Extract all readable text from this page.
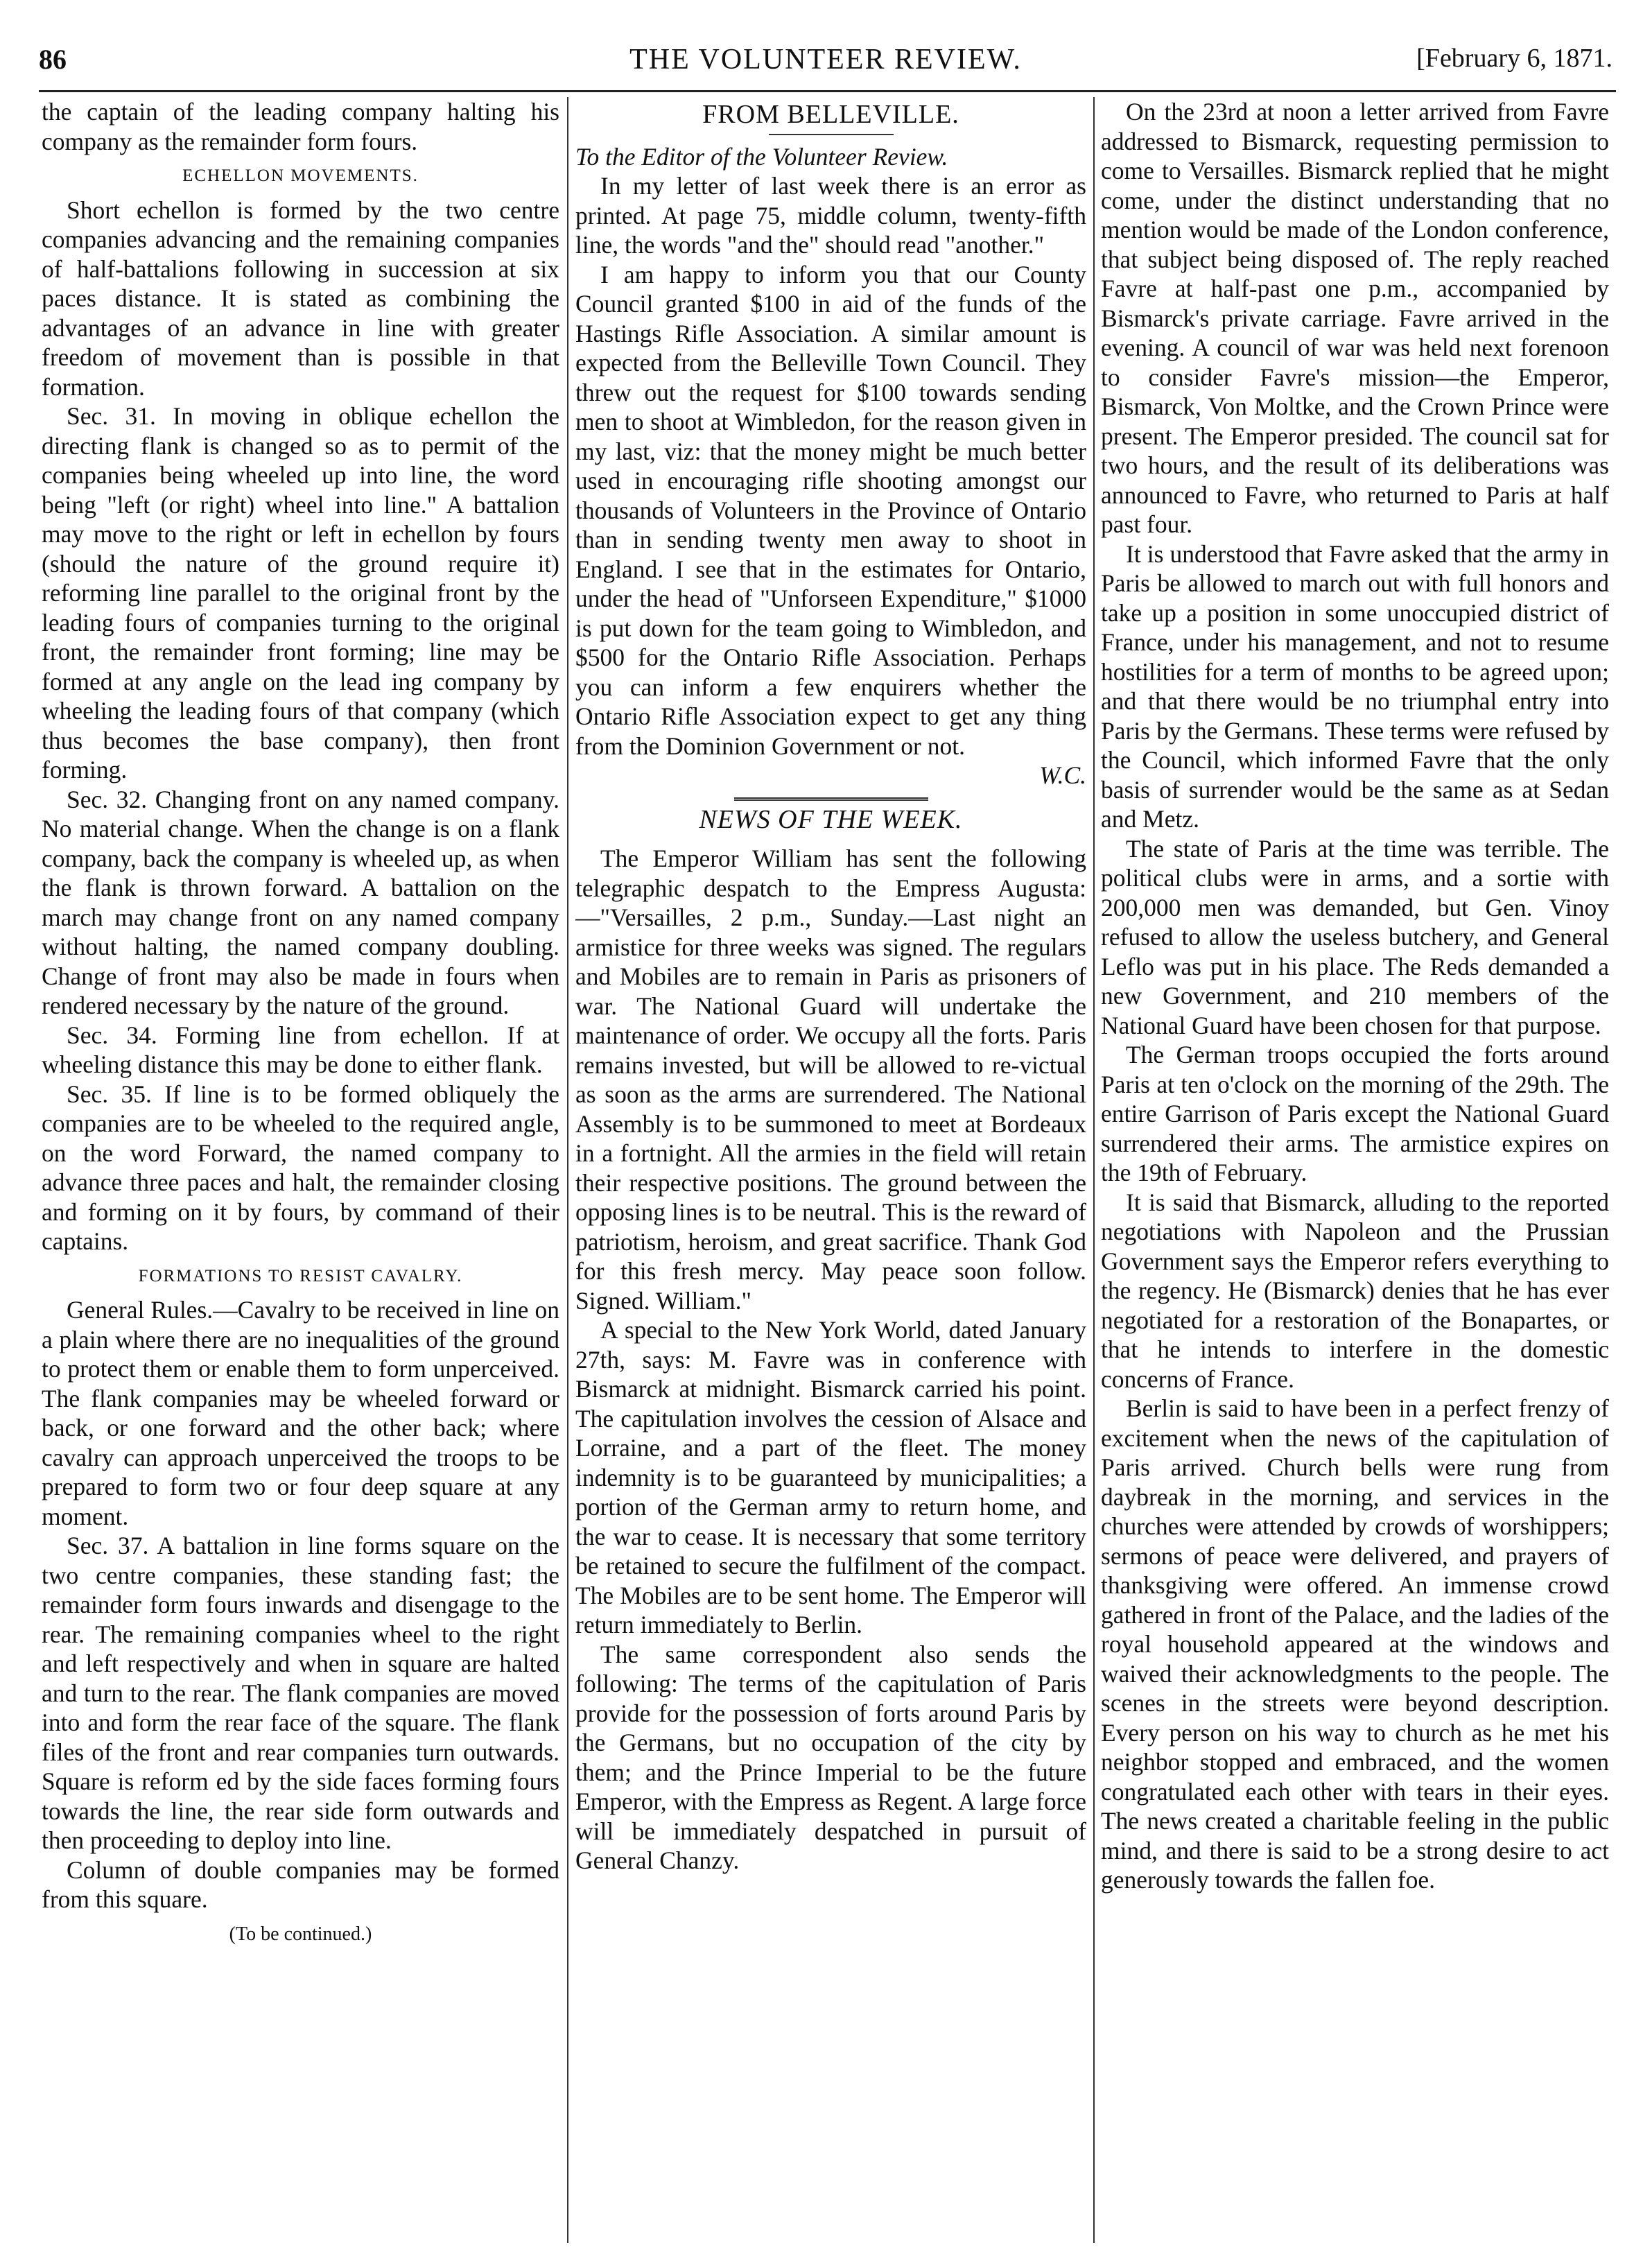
86	THE VOLUNTEER REVIEW.	[February 6, 1871.

the captain of the leading company halting his company as the remainder form fours.

ECHELLON MOVEMENTS.

Short echellon is formed by the two centre companies advancing and the remaining companies of half-battalions following in succession at six paces distance. It is stated as combining the advantages of an advance in line with greater freedom of movement than is possible in that formation.

Sec. 31. In moving in oblique echellon the directing flank is changed so as to permit of the companies being wheeled up into line, the word being "left (or right) wheel into line." A battalion may move to the right or left in echellon by fours (should the nature of the ground require it) reforming line parallel to the original front by the leading fours of companies turning to the original front, the remainder front forming; line may be formed at any angle on the lead ing company by wheeling the leading fours of that company (which thus becomes the base company), then front forming.

Sec. 32. Changing front on any named company. No material change. When the change is on a flank company, back the company is wheeled up, as when the flank is thrown forward. A battalion on the march may change front on any named company without halting, the named company doubling. Change of front may also be made in fours when rendered necessary by the nature of the ground.

Sec. 34. Forming line from echellon. If at wheeling distance this may be done to either flank.

Sec. 35. If line is to be formed obliquely the companies are to be wheeled to the required angle, on the word Forward, the named company to advance three paces and halt, the remainder closing and forming on it by fours, by command of their captains.

FORMATIONS TO RESIST CAVALRY.

General Rules.—Cavalry to be received in line on a plain where there are no inequalities of the ground to protect them or enable them to form unperceived. The flank companies may be wheeled forward or back, or one forward and the other back; where cavalry can approach unperceived the troops to be prepared to form two or four deep square at any moment.

Sec. 37. A battalion in line forms square on the two centre companies, these standing fast; the remainder form fours inwards and disengage to the rear. The remaining companies wheel to the right and left respectively and when in square are halted and turn to the rear. The flank companies are moved into and form the rear face of the square. The flank files of the front and rear companies turn outwards. Square is reform ed by the side faces forming fours towards the line, the rear side form outwards and then proceeding to deploy into line.

Column of double companies may be formed from this square.

(To be continued.)

FROM BELLEVILLE.

To the Editor of the Volunteer Review.

In my letter of last week there is an error as printed. At page 75, middle column, twenty-fifth line, the words "and the" should read "another."

I am happy to inform you that our County Council granted $100 in aid of the funds of the Hastings Rifle Association. A similar amount is expected from the Belleville Town Council. They threw out the request for $100 towards sending men to shoot at Wimbledon, for the reason given in my last, viz: that the money might be much better used in encouraging rifle shooting amongst our thousands of Volunteers in the Province of Ontario than in sending twenty men away to shoot in England. I see that in the estimates for Ontario, under the head of "Unforseen Expenditure," $1000 is put down for the team going to Wimbledon, and $500 for the Ontario Rifle Association. Perhaps you can inform a few enquirers whether the Ontario Rifle Association expect to get any thing from the Dominion Government or not.

W.C.

NEWS OF THE WEEK.

The Emperor William has sent the following telegraphic despatch to the Empress Augusta:—"Versailles, 2 p.m., Sunday.—Last night an armistice for three weeks was signed. The regulars and Mobiles are to remain in Paris as prisoners of war. The National Guard will undertake the maintenance of order. We occupy all the forts. Paris remains invested, but will be allowed to re-victual as soon as the arms are surrendered. The National Assembly is to be summoned to meet at Bordeaux in a fortnight. All the armies in the field will retain their respective positions. The ground between the opposing lines is to be neutral. This is the reward of patriotism, heroism, and great sacrifice. Thank God for this fresh mercy. May peace soon follow. Signed. William."

A special to the New York World, dated January 27th, says: M. Favre was in conference with Bismarck at midnight. Bismarck carried his point. The capitulation involves the cession of Alsace and Lorraine, and a part of the fleet. The money indemnity is to be guaranteed by municipalities; a portion of the German army to return home, and the war to cease. It is necessary that some territory be retained to secure the fulfilment of the compact. The Mobiles are to be sent home. The Emperor will return immediately to Berlin.

The same correspondent also sends the following: The terms of the capitulation of Paris provide for the possession of forts around Paris by the Germans, but no occupation of the city by them; and the Prince Imperial to be the future Emperor, with the Empress as Regent. A large force will be immediately despatched in pursuit of General Chanzy.

On the 23rd at noon a letter arrived from Favre addressed to Bismarck, requesting permission to come to Versailles. Bismarck replied that he might come, under the distinct understanding that no mention would be made of the London conference, that subject being disposed of. The reply reached Favre at half-past one p.m., accompanied by Bismarck's private carriage. Favre arrived in the evening. A council of war was held next forenoon to consider Favre's mission—the Emperor, Bismarck, Von Moltke, and the Crown Prince were present. The Emperor presided. The council sat for two hours, and the result of its deliberations was announced to Favre, who returned to Paris at half past four.

It is understood that Favre asked that the army in Paris be allowed to march out with full honors and take up a position in some unoccupied district of France, under his management, and not to resume hostilities for a term of months to be agreed upon; and that there would be no triumphal entry into Paris by the Germans. These terms were refused by the Council, which informed Favre that the only basis of surrender would be the same as at Sedan and Metz.

The state of Paris at the time was terrible. The political clubs were in arms, and a sortie with 200,000 men was demanded, but Gen. Vinoy refused to allow the useless butchery, and General Leflo was put in his place. The Reds demanded a new Government, and 210 members of the National Guard have been chosen for that purpose.

The German troops occupied the forts around Paris at ten o'clock on the morning of the 29th. The entire Garrison of Paris except the National Guard surrendered their arms. The armistice expires on the 19th of February.

It is said that Bismarck, alluding to the reported negotiations with Napoleon and the Prussian Government says the Emperor refers everything to the regency. He (Bismarck) denies that he has ever negotiated for a restoration of the Bonapartes, or that he intends to interfere in the domestic concerns of France.

Berlin is said to have been in a perfect frenzy of excitement when the news of the capitulation of Paris arrived. Church bells were rung from daybreak in the morning, and services in the churches were attended by crowds of worshippers; sermons of peace were delivered, and prayers of thanksgiving were offered. An immense crowd gathered in front of the Palace, and the ladies of the royal household appeared at the windows and waived their acknowledgments to the people. The scenes in the streets were beyond description. Every person on his way to church as he met his neighbor stopped and embraced, and the women congratulated each other with tears in their eyes. The news created a charitable feeling in the public mind, and there is said to be a strong desire to act generously towards the fallen foe.
